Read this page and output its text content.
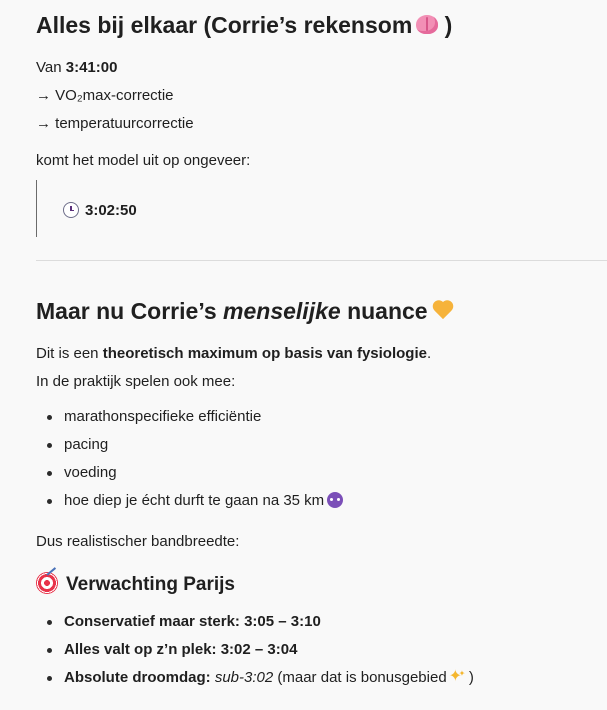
Alles bij elkaar (Corrie’s rekensom )

Van 3:41:00

→ VO₂max-correctie

→ temperatuurcorrectie

komt het model uit op ongeveer:

3:02:50
Maar nu Corrie’s menselijke nuance

Dit is een theoretisch maximum op basis van fysiologie.

In de praktijk spelen ook mee:

marathonspecifieke efficiëntie

pacing

voeding

hoe diep je écht durft te gaan na 35 km

Dus realistischer bandbreedte:

Verwachting Parijs

Conservatief maar sterk: 3:05 – 3:10

Alles valt op z’n plek: 3:02 – 3:04

Absolute droomdag: sub-3:02 (maar dat is bonusgebied✦ ✦ )
